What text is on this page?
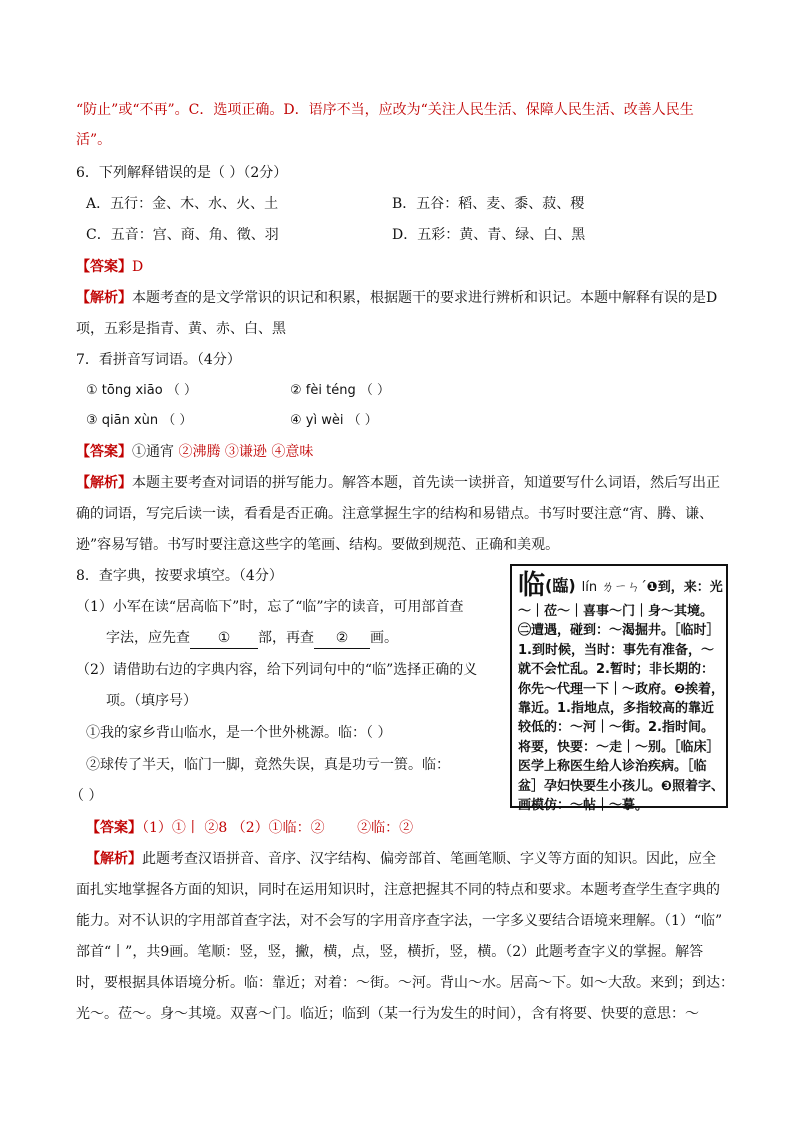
“防止”或“不再”。C．选项正确。D．语序不当，应改为“关注人民生活、保障人民生活、改善人民生
活”。
6．下列解释错误的是（ ）（2分）
A．五行：金、木、水、火、土	B．五谷：稻、麦、黍、菽、稷
C．五音：宫、商、角、徵、羽	D．五彩：黄、青、绿、白、黑
【答案】D
【解析】本题考查的是文学常识的识记和积累，根据题干的要求进行辨析和识记。本题中解释有误的是D
项，五彩是指青、黄、赤、白、黑
7．看拼音写词语。（4分）
① tōng xiāo （ ）	② fèi téng （ ）
③ qiān xùn （ ）	④ yì wèi （ ）
【答案】①通宵 ②沸腾 ③谦逊 ④意味
【解析】本题主要考查对词语的拼写能力。解答本题，首先读一读拼音，知道要写什么词语，然后写出正
确的词语，写完后读一读，看看是否正确。注意掌握生字的结构和易错点。书写时要注意“宵、腾、谦、
逊”容易写错。书写时要注意这些字的笔画、结构。要做到规范、正确和美观。
8．查字典，按要求填空。（4分）
（1）小军在读“居高临下”时，忘了“临”字的读音，可用部首查
字法，应先查 ① 部，再查 ② 画。
（2）请借助右边的字典内容，给下列词句中的“临”选择正确的义
项。（填序号）
①我的家乡背山临水，是一个世外桃源。临：（ ）
②球传了半天，临门一脚，竟然失误，真是功亏一篑。临：
（ ）
【答案】（1）①丨 ②8 （2）①临：② ②临：②
【解析】此题考查汉语拼音、音序、汉字结构、偏旁部首、笔画笔顺、字义等方面的知识。因此，应全
面扎实地掌握各方面的知识，同时在运用知识时，注意把握其不同的特点和要求。本题考查学生查字典的
能力。对不认识的字用部首查字法，对不会写的字用音序查字法，一字多义要结合语境来理解。（1）“临”
部首“丨”，共9画。笔顺：竖，竖，撇，横，点，竖，横折，竖，横。（2）此题考查字义的掌握。解答
时，要根据具体语境分析。临：靠近；对着：～街。～河。背山～水。居高～下。如～大敌。来到；到达：
光～。莅～。身～其境。双喜～门。临近；临到（某一行为发生的时间），含有将要、快要的意思：～
临(臨) lín ㄌㄧㄣˊ❶到，来：光～｜莅～｜喜事～门｜身～其境。㊁遭遇，碰到：～渴掘井。［临时］1.到时候，当时：事先有准备，～就不会忙乱。2.暂时；非长期的：你先～代理一下｜～政府。❷挨着，靠近。1.指地点，多指较高的靠近较低的：～河｜～街。2.指时间。将要，快要：～走｜～别。［临床］医学上称医生给人诊治疾病。［临盆］孕妇快要生小孩儿。❸照着字、画模仿：～帖｜～摹。
